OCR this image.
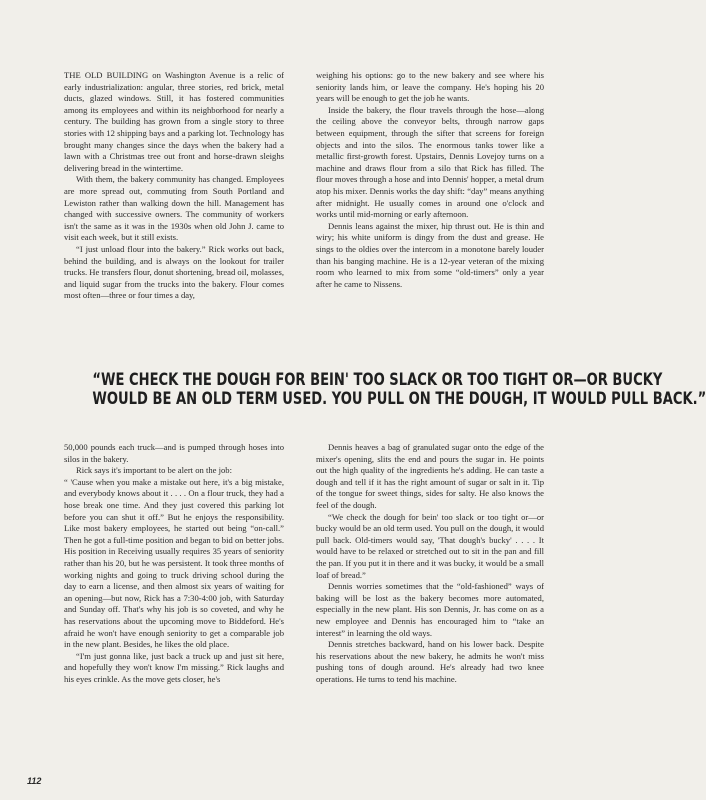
THE OLD BUILDING on Washington Avenue is a relic of early industrialization: angular, three stories, red brick, metal ducts, glazed windows. Still, it has fostered communities among its employees and within its neighborhood for nearly a century. The building has grown from a single story to three stories with 12 shipping bays and a parking lot. Technology has brought many changes since the days when the bakery had a lawn with a Christmas tree out front and horse-drawn sleighs delivering bread in the wintertime.

With them, the bakery community has changed. Employees are more spread out, commuting from South Portland and Lewiston rather than walking down the hill. Management has changed with successive owners. The community of workers isn't the same as it was in the 1930s when old John J. came to visit each week, but it still exists.

“I just unload flour into the bakery.” Rick works out back, behind the building, and is always on the lookout for trailer trucks. He transfers flour, donut shortening, bread oil, molasses, and liquid sugar from the trucks into the bakery. Flour comes most often—three or four times a day,

weighing his options: go to the new bakery and see where his seniority lands him, or leave the company. He's hoping his 20 years will be enough to get the job he wants.

Inside the bakery, the flour travels through the hose—along the ceiling above the conveyor belts, through narrow gaps between equipment, through the sifter that screens for foreign objects and into the silos. The enormous tanks tower like a metallic first-growth forest. Upstairs, Dennis Lovejoy turns on a machine and draws flour from a silo that Rick has filled. The flour moves through a hose and into Dennis' hopper, a metal drum atop his mixer. Dennis works the day shift: “day” means anything after midnight. He usually comes in around one o'clock and works until mid-morning or early afternoon.

Dennis leans against the mixer, hip thrust out. He is thin and wiry; his white uniform is dingy from the dust and grease. He sings to the oldies over the intercom in a monotone barely louder than his banging machine. He is a 12-year veteran of the mixing room who learned to mix from some “old-timers” only a year after he came to Nissens.

“WE CHECK THE DOUGH FOR BEIN' TOO SLACK OR TOO TIGHT OR—OR BUCKY
WOULD BE AN OLD TERM USED. YOU PULL ON THE DOUGH, IT WOULD PULL BACK.”

50,000 pounds each truck—and is pumped through hoses into silos in the bakery.

Rick says it's important to be alert on the job:

“ 'Cause when you make a mistake out here, it's a big mistake, and everybody knows about it . . . . On a flour truck, they had a hose break one time. And they just covered this parking lot before you can shut it off.” But he enjoys the responsibility. Like most bakery employees, he started out being “on-call.” Then he got a full-time position and began to bid on better jobs. His position in Receiving usually requires 35 years of seniority rather than his 20, but he was persistent. It took three months of working nights and going to truck driving school during the day to earn a license, and then almost six years of waiting for an opening—but now, Rick has a 7:30-4:00 job, with Saturday and Sunday off. That's why his job is so coveted, and why he has reservations about the upcoming move to Biddeford. He's afraid he won't have enough seniority to get a comparable job in the new plant. Besides, he likes the old place.

“I'm just gonna like, just back a truck up and just sit here, and hopefully they won't know I'm missing.” Rick laughs and his eyes crinkle. As the move gets closer, he's

Dennis heaves a bag of granulated sugar onto the edge of the mixer's opening, slits the end and pours the sugar in. He points out the high quality of the ingredients he's adding. He can taste a dough and tell if it has the right amount of sugar or salt in it. Tip of the tongue for sweet things, sides for salty. He also knows the feel of the dough.

“We check the dough for bein' too slack or too tight or—or bucky would be an old term used. You pull on the dough, it would pull back. Old-timers would say, 'That dough's bucky' . . . . It would have to be relaxed or stretched out to sit in the pan and fill the pan. If you put it in there and it was bucky, it would be a small loaf of bread.”

Dennis worries sometimes that the “old-fashioned” ways of baking will be lost as the bakery becomes more automated, especially in the new plant. His son Dennis, Jr. has come on as a new employee and Dennis has encouraged him to “take an interest” in learning the old ways.

Dennis stretches backward, hand on his lower back. Despite his reservations about the new bakery, he admits he won't miss pushing tons of dough around. He's already had two knee operations. He turns to tend his machine.

112
